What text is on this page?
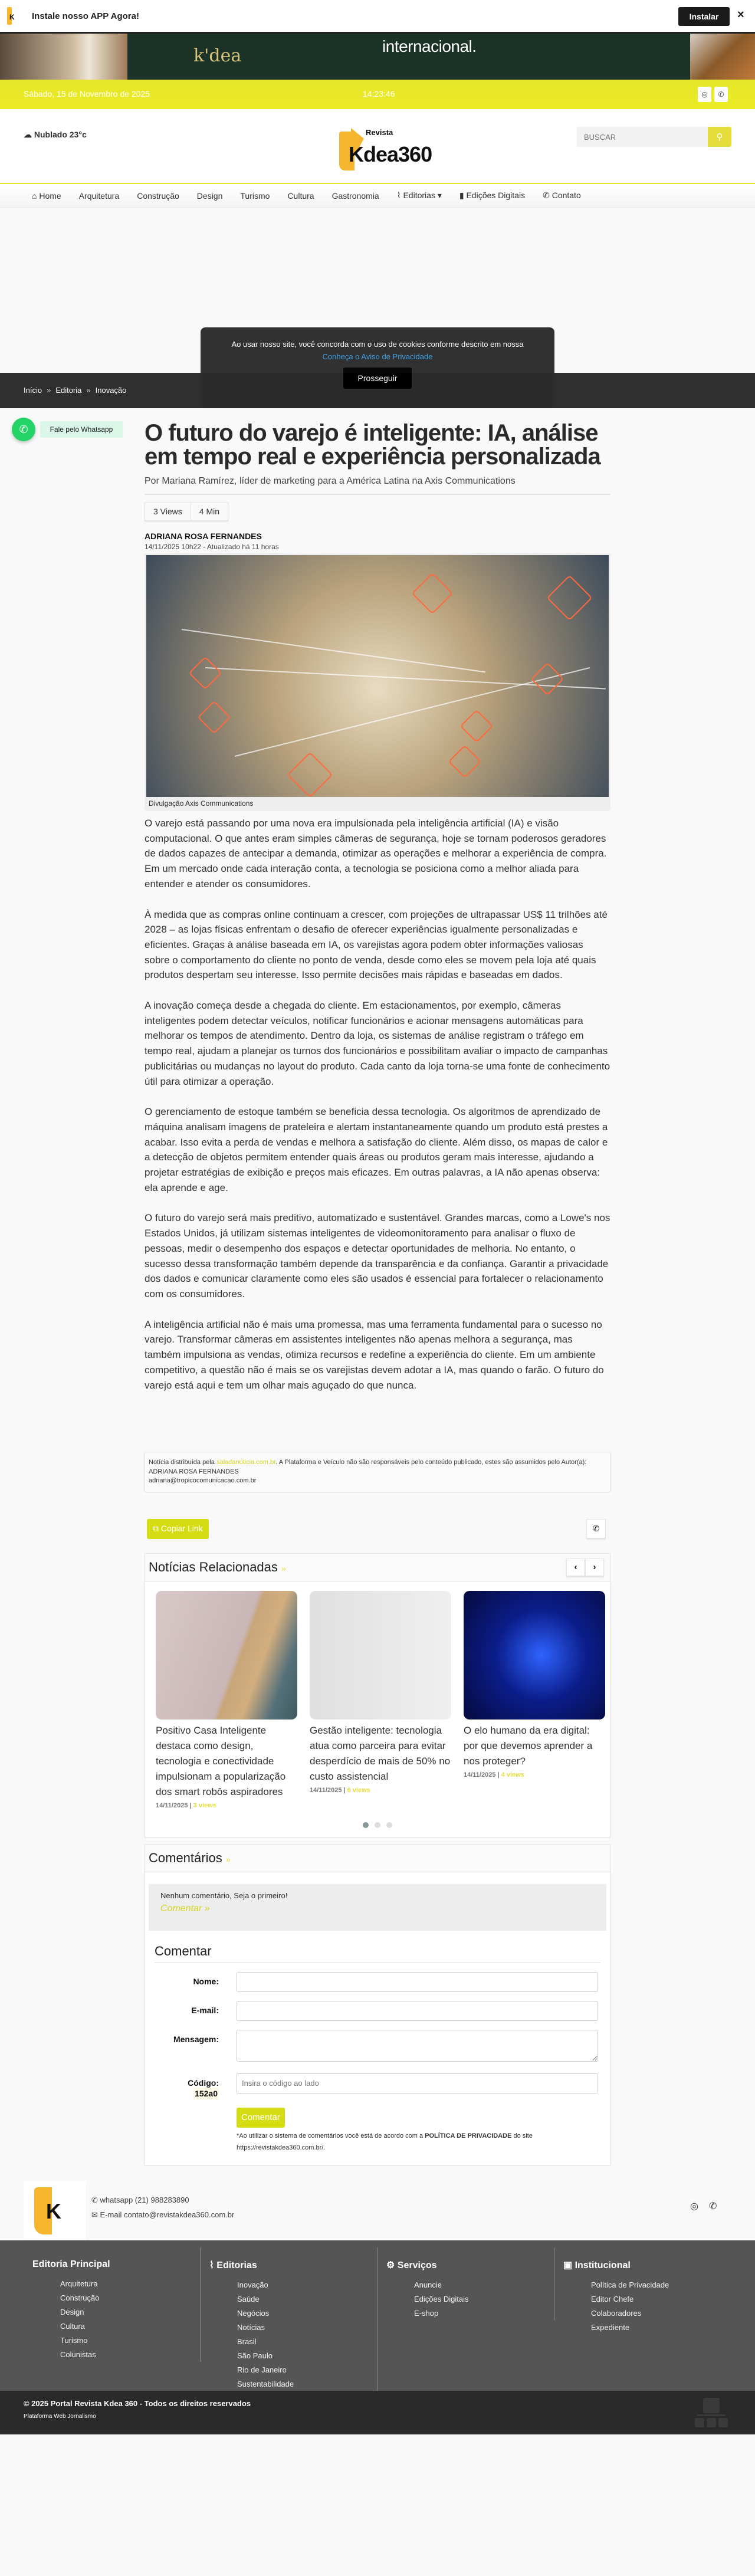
K Instale nosso APP Agora!	Instalar	×
k'dea	internacional.
Sábado, 15 de Novembro de 2025	14:23:46	◎	✆
☁ Nublado 23°c	Revista
Kdea360
BUSCAR
⚲
⌂ Home Arquitetura Construção Design Turismo Cultura Gastronomia ⌇ Editorias ▾ ▮ Edições Digitais ✆ Contato
Início » Editoria » Inovação
O futuro do varejo é inteligente: IA, análise em tempo real e experiência personalizada

Por Mariana Ramírez, líder de marketing para a América Latina na Axis Communications

3 Views	4 Min
ADRIANA ROSA FERNANDES
14/11/2025 10h22 - Atualizado há 11 horas
Divulgação Axis Communications

O varejo está passando por uma nova era impulsionada pela inteligência artificial (IA) e visão computacional. O que antes eram simples câmeras de segurança, hoje se tornam poderosos geradores de dados capazes de antecipar a demanda, otimizar as operações e melhorar a experiência de compra. Em um mercado onde cada interação conta, a tecnologia se posiciona como a melhor aliada para entender e atender os consumidores.

À medida que as compras online continuam a crescer, com projeções de ultrapassar US$ 11 trilhões até 2028 – as lojas físicas enfrentam o desafio de oferecer experiências igualmente personalizadas e eficientes. Graças à análise baseada em IA, os varejistas agora podem obter informações valiosas sobre o comportamento do cliente no ponto de venda, desde como eles se movem pela loja até quais produtos despertam seu interesse. Isso permite decisões mais rápidas e baseadas em dados.

A inovação começa desde a chegada do cliente. Em estacionamentos, por exemplo, câmeras inteligentes podem detectar veículos, notificar funcionários e acionar mensagens automáticas para melhorar os tempos de atendimento. Dentro da loja, os sistemas de análise registram o tráfego em tempo real, ajudam a planejar os turnos dos funcionários e possibilitam avaliar o impacto de campanhas publicitárias ou mudanças no layout do produto. Cada canto da loja torna-se uma fonte de conhecimento útil para otimizar a operação.

O gerenciamento de estoque também se beneficia dessa tecnologia. Os algoritmos de aprendizado de máquina analisam imagens de prateleira e alertam instantaneamente quando um produto está prestes a acabar. Isso evita a perda de vendas e melhora a satisfação do cliente. Além disso, os mapas de calor e a detecção de objetos permitem entender quais áreas ou produtos geram mais interesse, ajudando a projetar estratégias de exibição e preços mais eficazes. Em outras palavras, a IA não apenas observa: ela aprende e age.

O futuro do varejo será mais preditivo, automatizado e sustentável. Grandes marcas, como a Lowe's nos Estados Unidos, já utilizam sistemas inteligentes de videomonitoramento para analisar o fluxo de pessoas, medir o desempenho dos espaços e detectar oportunidades de melhoria. No entanto, o sucesso dessa transformação também depende da transparência e da confiança. Garantir a privacidade dos dados e comunicar claramente como eles são usados é essencial para fortalecer o relacionamento com os consumidores.

A inteligência artificial não é mais uma promessa, mas uma ferramenta fundamental para o sucesso no varejo. Transformar câmeras em assistentes inteligentes não apenas melhora a segurança, mas também impulsiona as vendas, otimiza recursos e redefine a experiência do cliente. Em um ambiente competitivo, a questão não é mais se os varejistas devem adotar a IA, mas quando o farão. O futuro do varejo está aqui e tem um olhar mais aguçado do que nunca.

Notícia distribuída pela saladanoticia.com.br. A Plataforma e Veículo não são responsáveis pelo conteúdo publicado, estes são assumidos pelo Autor(a):
ADRIANA ROSA FERNANDES
adriana@tropicocomunicacao.com.br
⧉ Copiar Link	✆
Notícias Relacionadas »	‹	›
Positivo Casa Inteligente destaca como design, tecnologia e conectividade impulsionam a popularização dos smart robôs aspiradores
14/11/2025 | 3 views
Gestão inteligente: tecnologia atua como parceira para evitar desperdício de mais de 50% no custo assistencial
14/11/2025 | 6 views
O elo humano da era digital: por que devemos aprender a nos proteger?
14/11/2025 | 4 views
Comentários »
Nenhum comentário, Seja o primeiro!
Comentar »
Comentar
Nome:
E-mail:
Mensagem:
Código:
152a0
Insira o código ao lado
Comentar

*Ao utilizar o sistema de comentários você está de acordo com a POLÍTICA DE PRIVACIDADE do site https://revistakdea360.com.br/.

K	✆ whatsapp (21) 988283890
✉ E-mail contato@revistakdea360.com.br
◎✆
Editoria Principal
Arquitetura
Construção
Design
Cultura
Turismo
Colunistas
⌇ Editorias
Inovação
Saúde
Negócios
Notícias
Brasil
São Paulo
Rio de Janeiro
Sustentabilidade
⚙ Serviços
Anuncie
Edições Digitais
E-shop
▣ Institucional
Política de Privacidade
Editor Chefe
Colaboradores
Expediente
© 2025 Portal Revista Kdea 360 - Todos os direitos reservados
Plataforma Web Jornalismo
Ao usar nosso site, você concorda com o uso de cookies conforme descrito em nossa
Conheça o Aviso de Privacidade
Prosseguir
✆	Fale pelo Whatsapp
